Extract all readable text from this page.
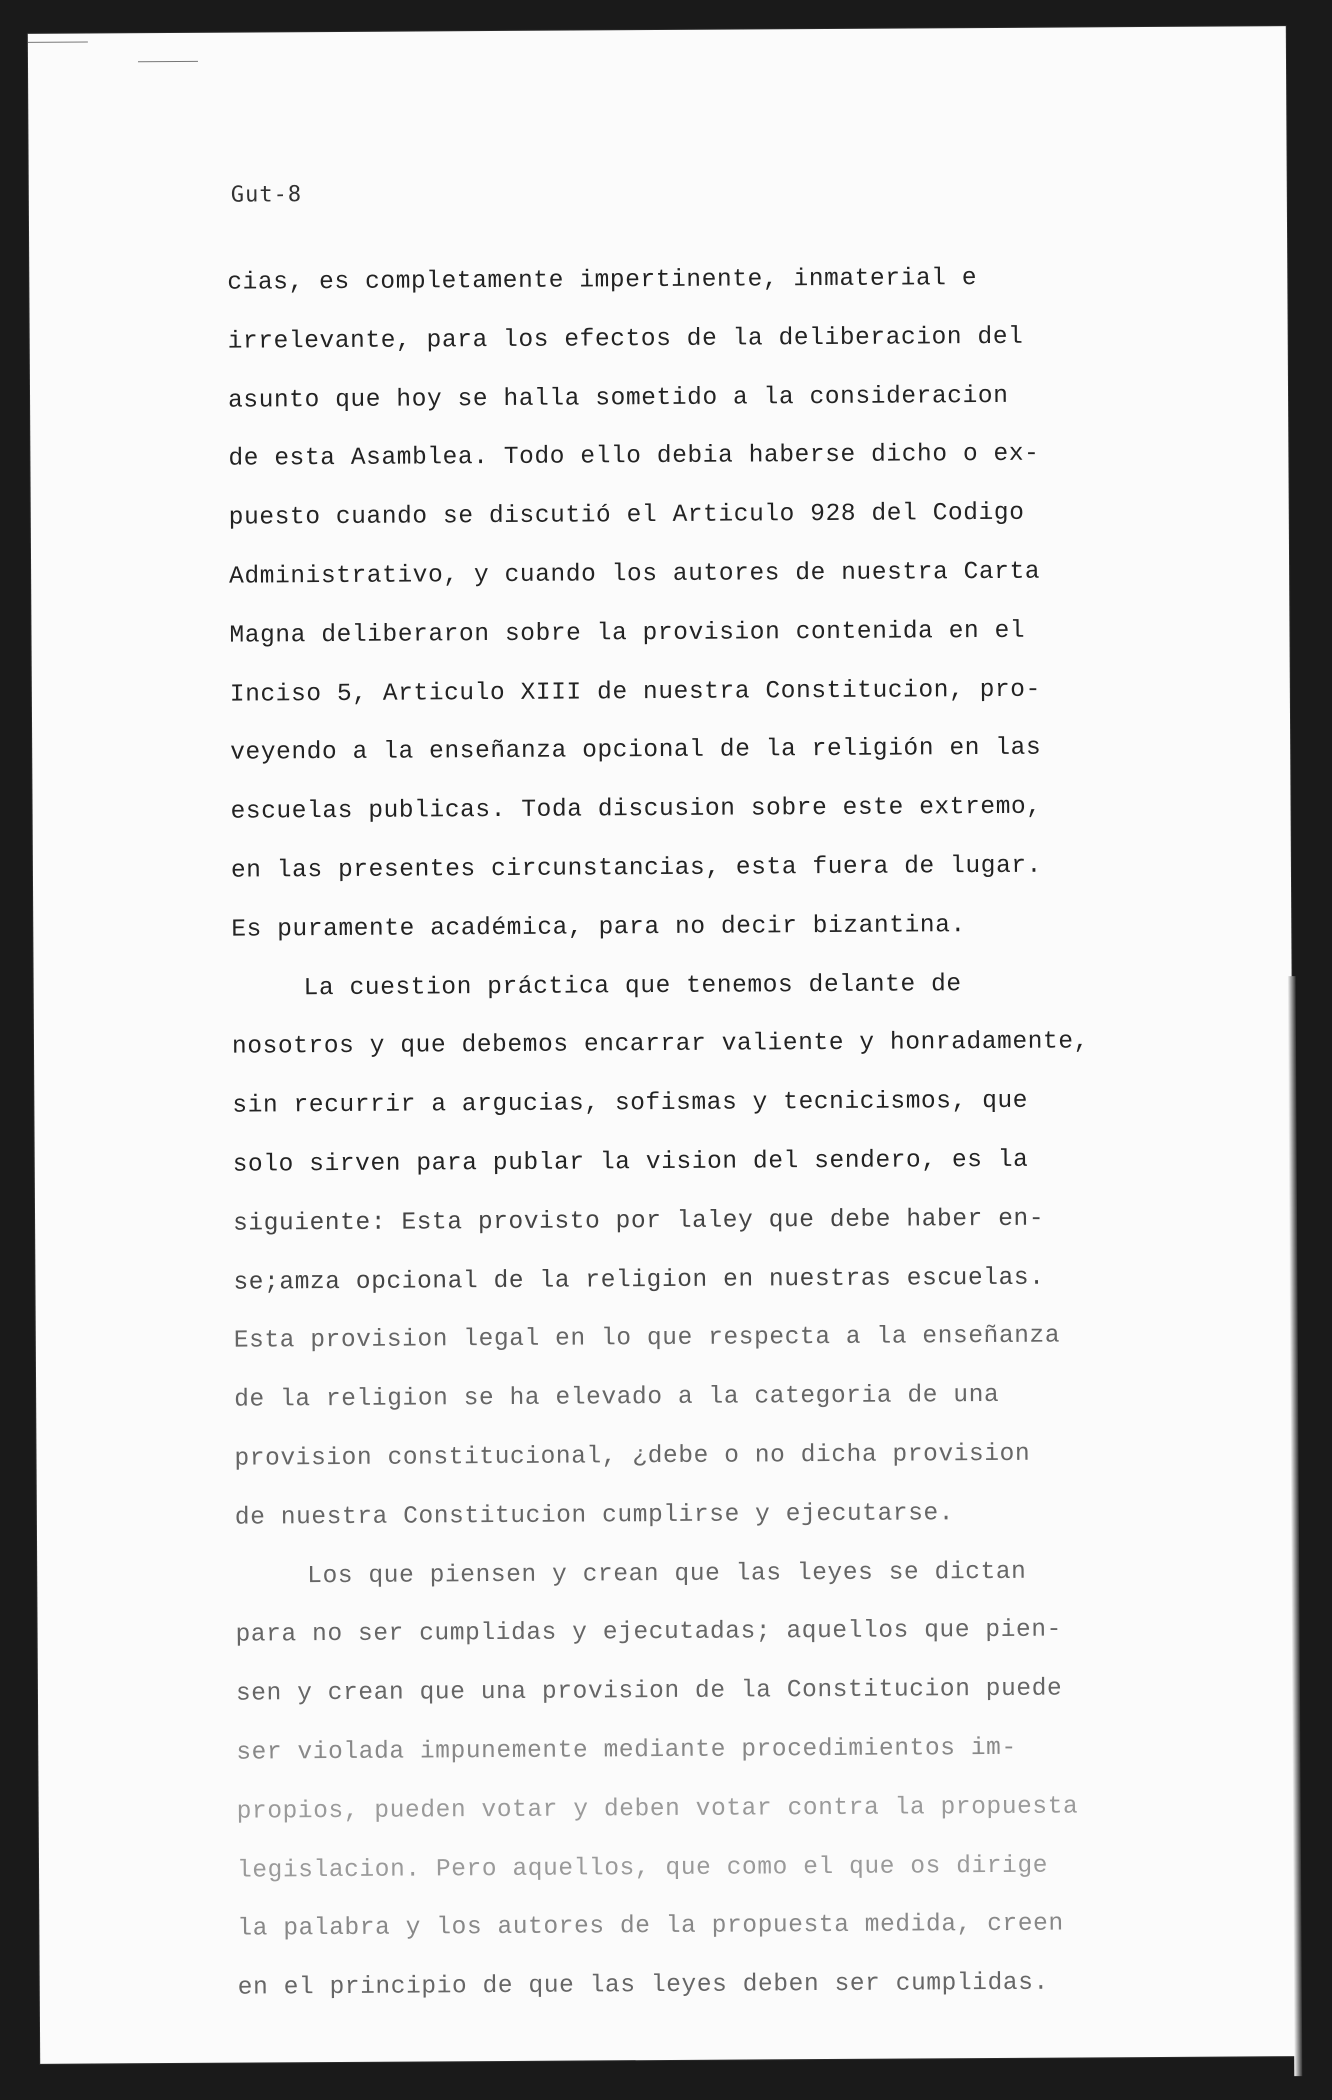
Gut-8
cias, es completamente impertinente, inmaterial e
irrelevante, para los efectos de la deliberacion del
asunto que hoy se halla sometido a la consideracion
de esta Asamblea. Todo ello debia haberse dicho o ex-
puesto cuando se discutió el Articulo 928 del Codigo
Administrativo, y cuando los autores de nuestra Carta
Magna deliberaron sobre la provision contenida en el
Inciso 5, Articulo XIII de nuestra Constitucion, pro-
veyendo a la enseñanza opcional de la religión en las
escuelas publicas. Toda discusion sobre este extremo,
en las presentes circunstancias, esta fuera de lugar.
Es puramente académica, para no decir bizantina.
La cuestion práctica que tenemos delante de
nosotros y que debemos encarrar valiente y honradamente,
sin recurrir a argucias, sofismas y tecnicismos, que
solo sirven para publar la vision del sendero, es la
siguiente: Esta provisto por laley que debe haber en-
se;amza opcional de la religion en nuestras escuelas.
Esta provision legal en lo que respecta a la enseñanza
de la religion se ha elevado a la categoria de una
provision constitucional, ¿debe o no dicha provision
de nuestra Constitucion cumplirse y ejecutarse.
Los que piensen y crean que las leyes se dictan
para no ser cumplidas y ejecutadas; aquellos que pien-
sen y crean que una provision de la Constitucion puede
ser violada impunemente mediante procedimientos im-
propios, pueden votar y deben votar contra la propuesta
legislacion. Pero aquellos, que como el que os dirige
la palabra y los autores de la propuesta medida, creen
en el principio de que las leyes deben ser cumplidas.
